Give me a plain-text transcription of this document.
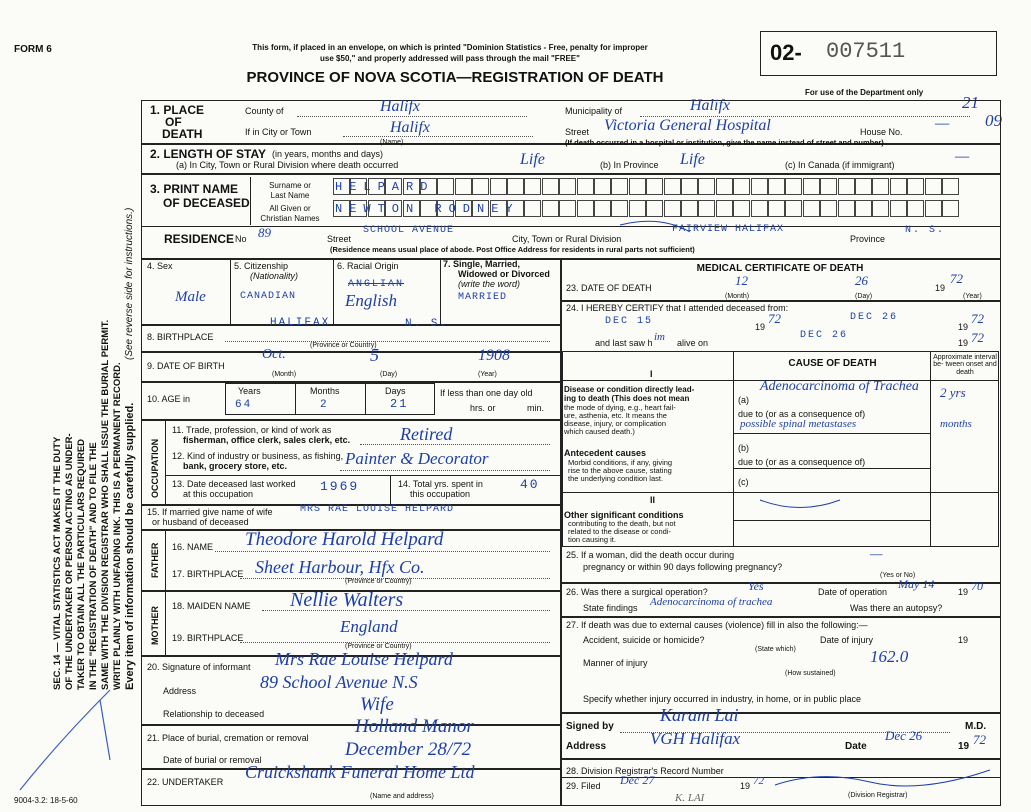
FORM 6	This form, if placed in an envelope, on which is printed "Dominion Statistics - Free, penalty for improper
use $50," and properly addressed will pass through the mail "FREE"
PROVINCE OF NOVA SCOTIA—REGISTRATION OF DEATH
02- 007511
For use of the Department only
21
09
SEC. 14 — VITAL STATISTICS ACT MAKES IT THE DUTY OF THE UNDERTAKER OR PERSON ACTING AS UNDER- TAKER TO OBTAIN ALL THE PARTICULARS REQUIRED IN THE "REGISTRATION OF DEATH" AND TO FILE THE SAME WITH THE DIVISION REGISTRAR WHO SHALL ISSUE THE BURIAL PERMIT. WRITE PLAINLY WITH UNFADING INK. THIS IS A PERMANENT RECORD. Every item of information should be carefully supplied.
(See reverse side for instructions.)
1. PLACE
OF
DEATH
County of	Halifx	Municipality of	Halifx
If in City or Town	Halifx
(Name)
Street Victoria General Hospital	House No. —
(If death occurred in a hospital or institution, give the name instead of street and number)
2. LENGTH OF STAY (in years, months and days)
(a) In City, Town or Rural Division where death occurred	Life	(b) In Province Life	(c) In Canada (if immigrant)	—
3. PRINT NAME
OF DECEASED
Surname or
Last Name
All Given or
Christian Names
HELPARD
NEWTON RODNEY
RESIDENCE No 89	Street
SCHOOL AVENUE
City, Town or Rural Division
FAIRVIEW HALIFAX
Province
N. S.
(Residence means usual place of abode. Post Office Address for residents in rural parts not sufficient)
4. Sex
Male
5. Citizenship
(Nationality)
CANADIAN
6. Racial Origin
ANGLIAN
English
7. Single, Married,
Widowed or Divorced
(write the word)
MARRIED
8. BIRTHPLACE
HALIFAX	N. S.
(Province or Country)
9. DATE OF BIRTH
Oct.	5	1908
(Month)	(Day)	(Year)
10. AGE in
Years	Months	Days
64	2	21
If less than one day old
hrs. or	min.
OCCUPATION
11. Trade, profession, or kind of work as
fisherman, office clerk, sales clerk, etc.	Retired
12. Kind of industry or business, as fishing,
bank, grocery store, etc.	Painter & Decorator
13. Date deceased last worked
at this occupation	1969	14. Total yrs. spent in
this occupation
40
15. If married give name of wife
or husband of deceased
MRS RAE LOUISE HELPARD
FATHER 16. NAME Theodore Harold Helpard
17. BIRTHPLACE Sheet Harbour, Hfx Co.
(Province or Country)
MOTHER 18. MAIDEN NAME Nellie Walters
19. BIRTHPLACE
England
(Province or Country)
20. Signature of informant Mrs Rae Louise Helpard
Address	89 School Avenue N.S
Relationship to deceased	Wife
21. Place of burial, cremation or removal
Holland Manor
Date of burial or removal	December 28/72
22. UNDERTAKER Cruickshank Funeral Home Ltd
(Name and address)
9004-3.2: 18-5-60
MEDICAL CERTIFICATE OF DEATH
23. DATE OF DEATH	12	26	19
72
(Month)	(Day)	(Year)
24. I HEREBY CERTIFY that I attended deceased from:
DEC 15	19
72	DEC 26
19
72
and last saw h im alive on
DEC 26
19 72
CAUSE OF DEATH
Approximate interval be- tween onset and death
I
Disease or condition directly lead-
ing to death (This does not mean
the mode of dying, e.g., heart fail-
ure, asthenia, etc. It means the
disease, injury, or complication
which caused death.)
(a)
Adenocarcinoma of Trachea 2 yrs
due to (or as a consequence of)
possible spinal metastases	months
Antecedent causes
Morbid conditions, if any, giving
rise to the above cause, stating
the underlying condition last.
(b)
due to (or as a consequence of)
(c)
II
Other significant conditions
contributing to the death, but not
related to the disease or condi-
tion causing it.
25. If a woman, did the death occur during
pregnancy or within 90 days following pregnancy?
—
(Yes or No)
26. Was there a surgical operation?	Yes	Date of operation
May 14
19 70
State findings Adenocarcinoma of trachea	Was there an autopsy?
27. If death was due to external causes (violence) fill in also the following:—
Accident, suicide or homicide?	Date of injury	19
(State which)
Manner of injury	162.0
(How sustained)
Specify whether injury occurred in industry, in home, or in public place
Signed by
Karam Lai
M.D.
Address	VGH Halifax	Date
Dec 26
19 72
28. Division Registrar's Record Number
29. Filed Dec 27	19 72
(Division Registrar)
K. LAI
